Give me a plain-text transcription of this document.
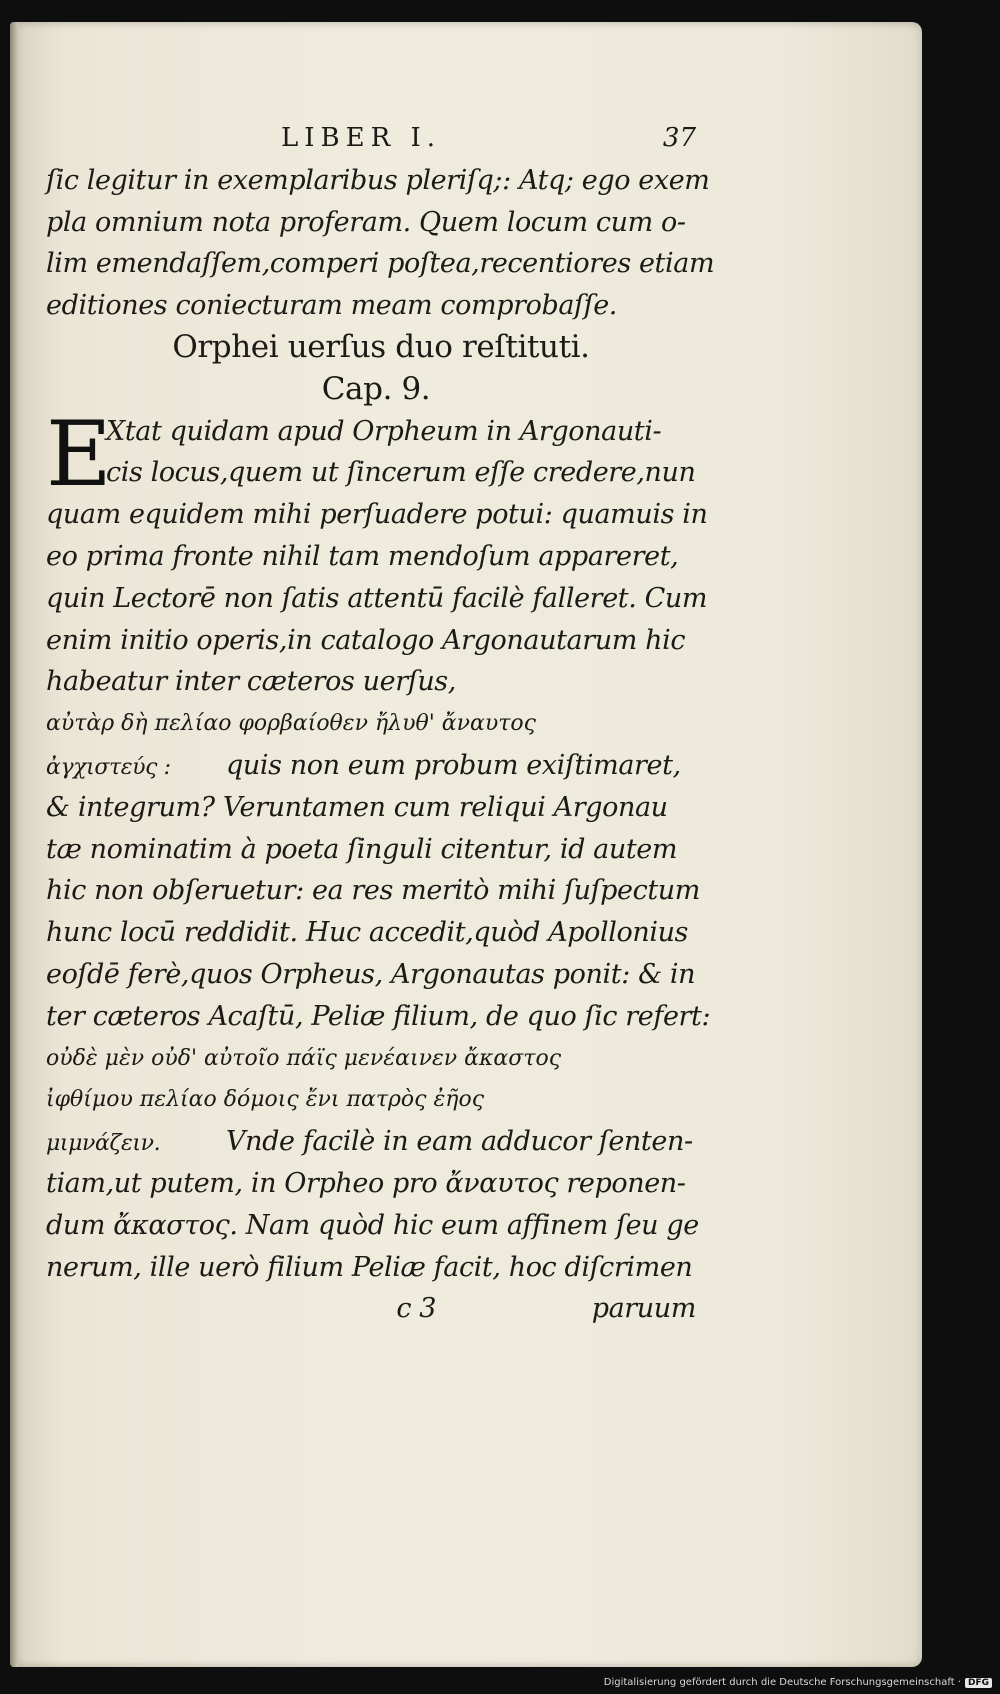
LIBER I.	37
ſic legitur in exemplaribus pleriſq;: Atq; ego exem
pla omnium nota proferam. Quem locum cum o-
lim emendaſſem,comperi poſtea,recentiores etiam
editiones coniecturam meam comprobaſſe.
Orphei uerſus duo reſtituti.
Cap. 9.
E
Xtat quidam apud Orpheum in Argonauti-
cis locus,quem ut ſincerum eſſe credere,nun
quam equidem mihi perſuadere potui: quamuis in
eo prima fronte nihil tam mendoſum appareret,
quin Lectorē non ſatis attentū facilè falleret. Cum
enim initio operis,in catalogo Argonautarum hic
habeatur inter cæteros uerſus,
αὐτὰρ δὴ πελίαο φορβαίοθεν ἤλυθ' ἄναυτος
ἀγχιστεύς : quis non eum probum exiſtimaret,
& integrum? Veruntamen cum reliqui Argonau
tæ nominatim à poeta ſinguli citentur, id autem
hic non obſeruetur: ea res meritò mihi ſuſpectum
hunc locū reddidit. Huc accedit,quòd Apollonius
eoſdē ferè,quos Orpheus, Argonautas ponit: & in
ter cæteros Acaſtū, Peliæ filium, de quo ſic refert:
οὐδὲ μὲν οὐδ' αὐτοῖο πάϊς μενέαινεν ἄκαστος
ἰφθίμου πελίαο δόμοις ἔνι πατρὸς ἐῆος
μιμνάζειν. Vnde facilè in eam adducor ſenten-
tiam,ut putem, in Orpheo pro ἄναυτος reponen-
dum ἄκαστος. Nam quòd hic eum affinem ſeu ge
nerum, ille uerò filium Peliæ facit, hoc diſcrimen
c 3	paruum
Digitalisierung gefördert durch die Deutsche Forschungsgemeinschaft · DFG
